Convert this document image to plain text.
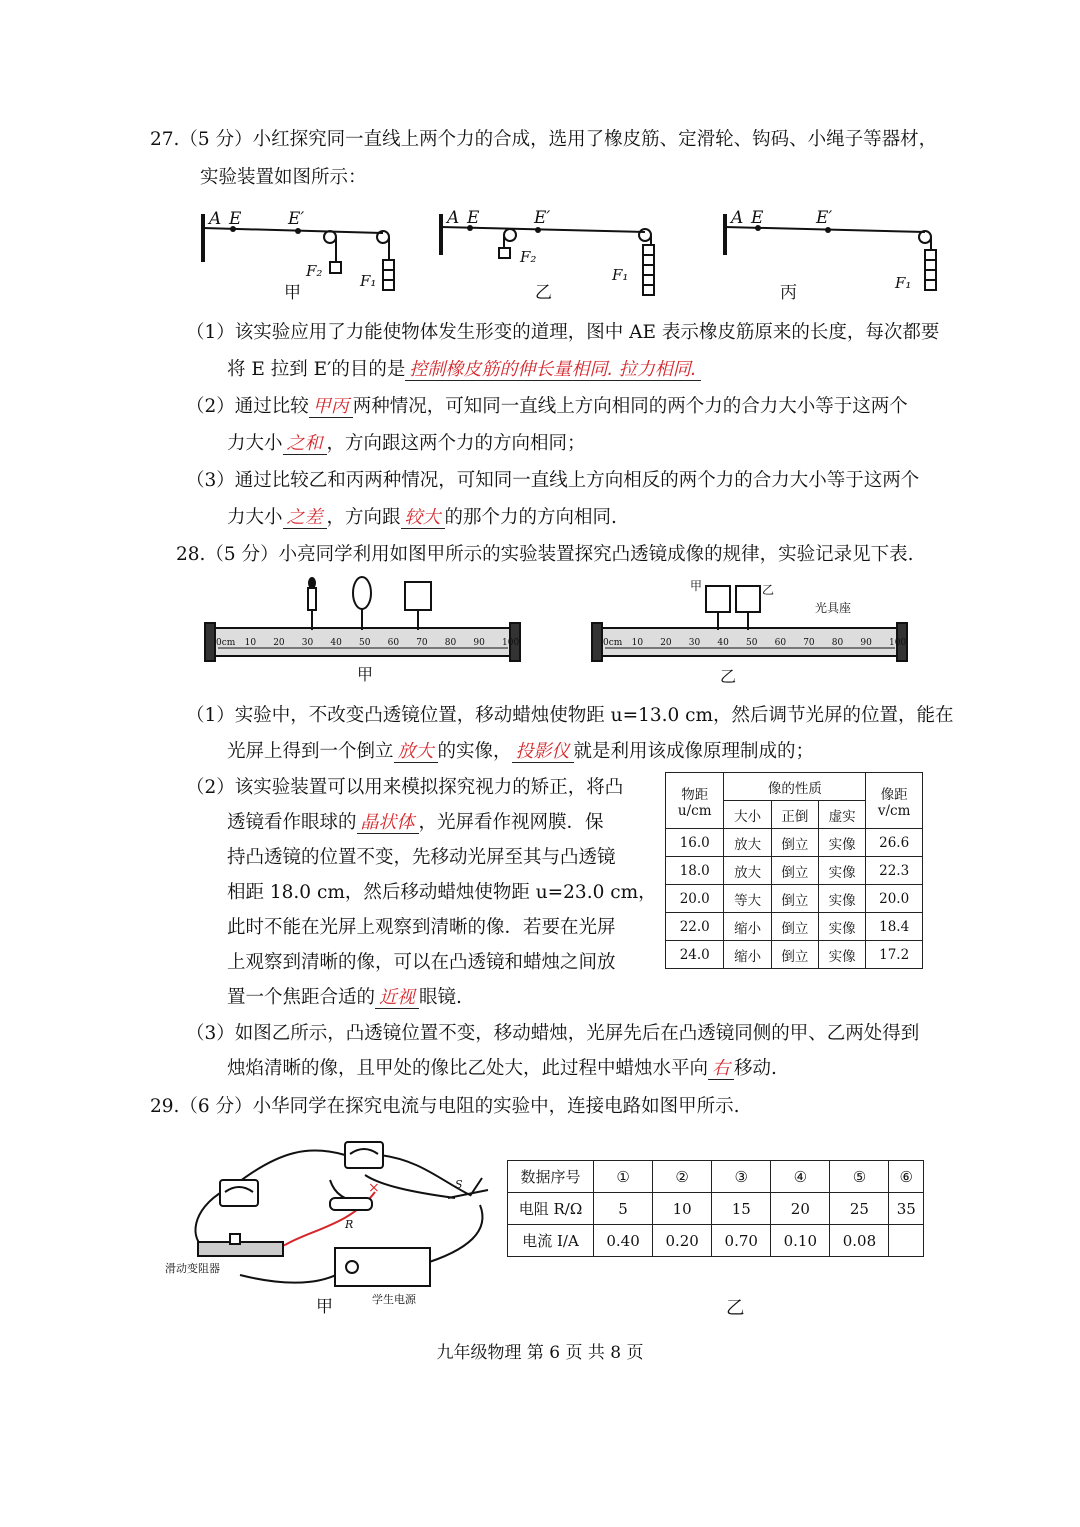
27.（5 分）小红探究同一直线上两个力的合成，选用了橡皮筋、定滑轮、钩码、小绳子等器材，
实验装置如图所示：
A E	E′	A E	E′	A E	E′
F₂
F₁
F₂
F₁	F₁
甲	乙	丙
（1）该实验应用了力能使物体发生形变的道理，图中 AE 表示橡皮筋原来的长度，每次都要
将 E 拉到 E′的目的是 控制橡皮筋的伸长量相同. 拉力相同.
（2）通过比较 甲丙 两种情况，可知同一直线上方向相同的两个力的合力大小等于这两个
力大小 之和 ，方向跟这两个力的方向相同；
（3）通过比较乙和丙两种情况，可知同一直线上方向相反的两个力的合力大小等于这两个
力大小 之差 ，方向跟 较大 的那个力的方向相同.
28.（5 分）小亮同学利用如图甲所示的实验装置探究凸透镜成像的规律，实验记录见下表.
0cm 10 20 30 40 50 60 70 80 90 100	0cm 10 20 30 40 50 60 70 80 90 100
甲	乙
甲	乙
光具座
（1）实验中，不改变凸透镜位置，移动蜡烛使物距 u=13.0 cm，然后调节光屏的位置，能在
光屏上得到一个倒立 放大 的实像， 投影仪 就是利用该成像原理制成的；
（2）该实验装置可以用来模拟探究视力的矫正，将凸
透镜看作眼球的 晶状体 ，光屏看作视网膜．保
持凸透镜的位置不变，先移动光屏至其与凸透镜
相距 18.0 cm，然后移动蜡烛使物距 u=23.0 cm，
此时不能在光屏上观察到清晰的像．若要在光屏
上观察到清晰的像，可以在凸透镜和蜡烛之间放
置一个焦距合适的 近视 眼镜.
物距
u/cm	像的性质			像距
v/cm
	大小	正倒	虚实	
16.0	放大	倒立	实像	26.6
18.0	放大	倒立	实像	22.3
20.0	等大	倒立	实像	20.0
22.0	缩小	倒立	实像	18.4
24.0	缩小	倒立	实像	17.2
（3）如图乙所示，凸透镜位置不变，移动蜡烛，光屏先后在凸透镜同侧的甲、乙两处得到
烛焰清晰的像，且甲处的像比乙处大，此过程中蜡烛水平向 右 移动.
29.（6 分）小华同学在探究电流与电阻的实验中，连接电路如图甲所示.
×
滑动变阻器
学生电源
R
S
甲
数据序号	①	②	③	④	⑤	⑥
电阻 R/Ω	5	10	15	20	25	35
电流 I/A	0.40	0.20	0.70	0.10	0.08	
乙
九年级物理 第 6 页 共 8 页
